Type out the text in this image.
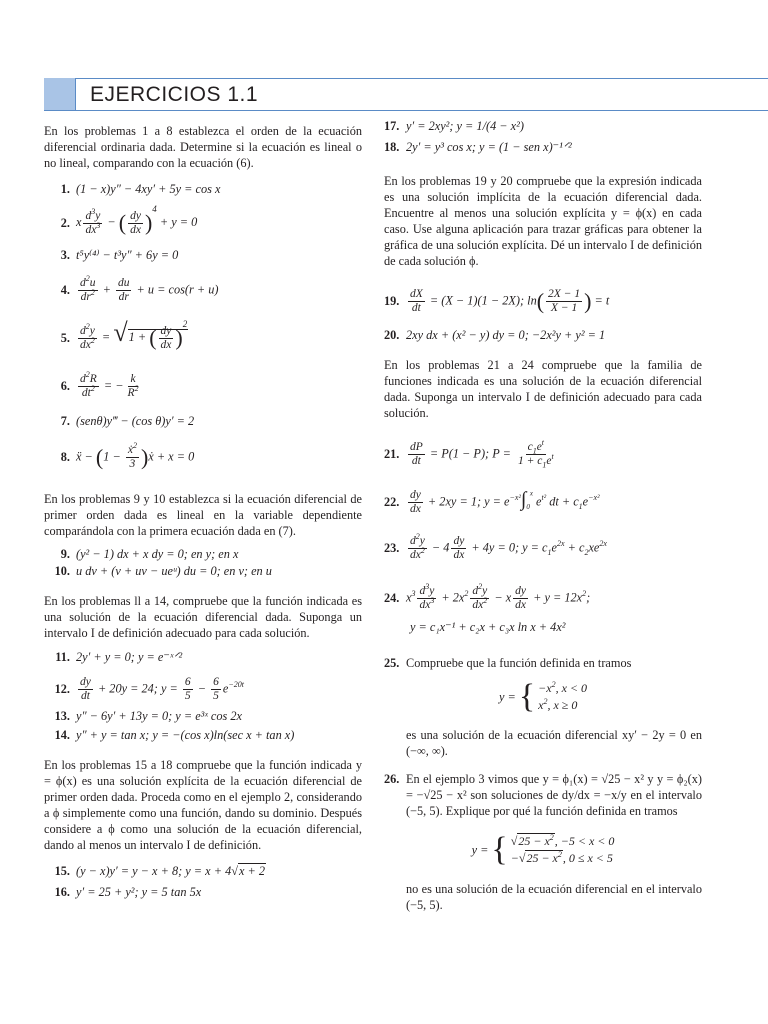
EJERCICIOS 1.1

En los problemas 1 a 8 establezca el orden de la ecuación diferencial ordinaria dada. Determine si la ecuación es lineal o no lineal, comparando con la ecuación (6).

1. (1 − x)y″ − 4xy′ + 5y = cos x
2. x $\frac{d^3y}{dx^3}$ − ( $\frac{dy}{dx} )^4 + y = 0$
3. t⁵y⁽⁴⁾ − t³y″ + 6y = 0
4. $\frac{d^2u}{dr^2} + \frac{du}{dr} + u = \cos(r + u)$
5. $\frac{d^2y}{dx^2} = √1$ + ( $\frac{dy}{dx} )^2$
6. $\frac{d^2R}{dt^2}$ = − $\frac{k}{R^2}$
7. (senθ)y‴ − (cos θ)y′ = 2
8. ẍ − ($1 - \frac{ẋ^2}{3}$ )ẋ + x = 0

En los problemas 9 y 10 establezca si la ecuación diferencial de primer orden dada es lineal en la variable dependiente comparándola con la primera ecuación dada en (7).

9. (y² − 1) dx + x dy = 0; en y; en x
10. u dv + (v + uv − ueᵘ) du = 0; en v; en u

En los problemas ll a 14, compruebe que la función indicada es una solución de la ecuación diferencial dada. Suponga un intervalo I de definición adecuado para cada solución.

11. 2y′ + y = 0; y = e⁻ˣᐟ²
12. $\frac{dy}{dt} + 20y = 24$; $y = \frac{6}{5} - \frac{6}{5} e^{-20t}$
13. y″ − 6y′ + 13y = 0; y = e³ˣ cos 2x
14. y″ + y = tan x; y = −(cos x)ln(sec x + tan x)

En los problemas 15 a 18 compruebe que la función indicada y = ϕ(x) es una solución explícita de la ecuación diferencial de primer orden dada. Proceda como en el ejemplo 2, considerando a ϕ simplemente como una función, dando su dominio. Después considere a ϕ como una solución de la ecuación diferencial, dando al menos un intervalo I de definición.

15. (y − x)y′ = y − x + 8; y = x + 4√x + 2
16. y′ = 25 + y²; y = 5 tan 5x
17. y′ = 2xy²; y = 1/(4 − x²)
18. 2y′ = y³ cos x; y = (1 − sen x)⁻¹ᐟ²

En los problemas 19 y 20 compruebe que la expresión indicada es una solución implícita de la ecuación diferencial dada. Encuentre al menos una solución explícita y = ϕ(x) en cada caso. Use alguna aplicación para trazar gráficas para obtener la gráfica de una solución explícita. Dé un intervalo I de definición de cada solución ϕ.

19. $\frac{dX}{dt} = (X - 1)(1 - 2X)$; $\ln( \frac{2X - 1}{X - 1}$ ) = t
20. 2xy dx + (x² − y) dy = 0; −2x²y + y² = 1

En los problemas 21 a 24 compruebe que la familia de funciones indicada es una solución de la ecuación diferencial dada. Suponga un intervalo I de definición adecuado para cada solución.

21. $\frac{dP}{dt} = P(1 - P)$; $P = \frac{c_1e^t}{1 + c_1e^t}$
22. $\frac{dy}{dx} + 2xy = 1$; $y = e^{-x^2}\int_0^x$ $e^{t^2}$ dt + $c_1e^{-x^2}$
23. $\frac{d^2y}{dx^2} - 4 \frac{dy}{dx} + 4y = 0$; $y = c_1e^{2x} + c_2xe^{2x}$
24. $x^3 \frac{d^3y}{dx^3} + 2x^2 \frac{d^2y}{dx^2} - x \frac{dy}{dx} + y = 12x^2$;
y = c₁x⁻¹ + c₂x + c₃x ln x + 4x²
25. Compruebe que la función definida en tramos
y = { $-x^2$, x < 0
$x^2$, x ≥ 0

es una solución de la ecuación diferencial xy′ − 2y = 0 en (−∞, ∞).

26. En el ejemplo 3 vimos que y = ϕ₁(x) = √25 − x² y y = ϕ₂(x) = −√25 − x² son soluciones de dy/dx = −x/y en el intervalo (−5, 5). Explique por qué la función definida en tramos
y = { $√25 - x^2$, −5 < x < 0
$-√25 - x^2$, 0 ≤ x < 5

no es una solución de la ecuación diferencial en el intervalo (−5, 5).
